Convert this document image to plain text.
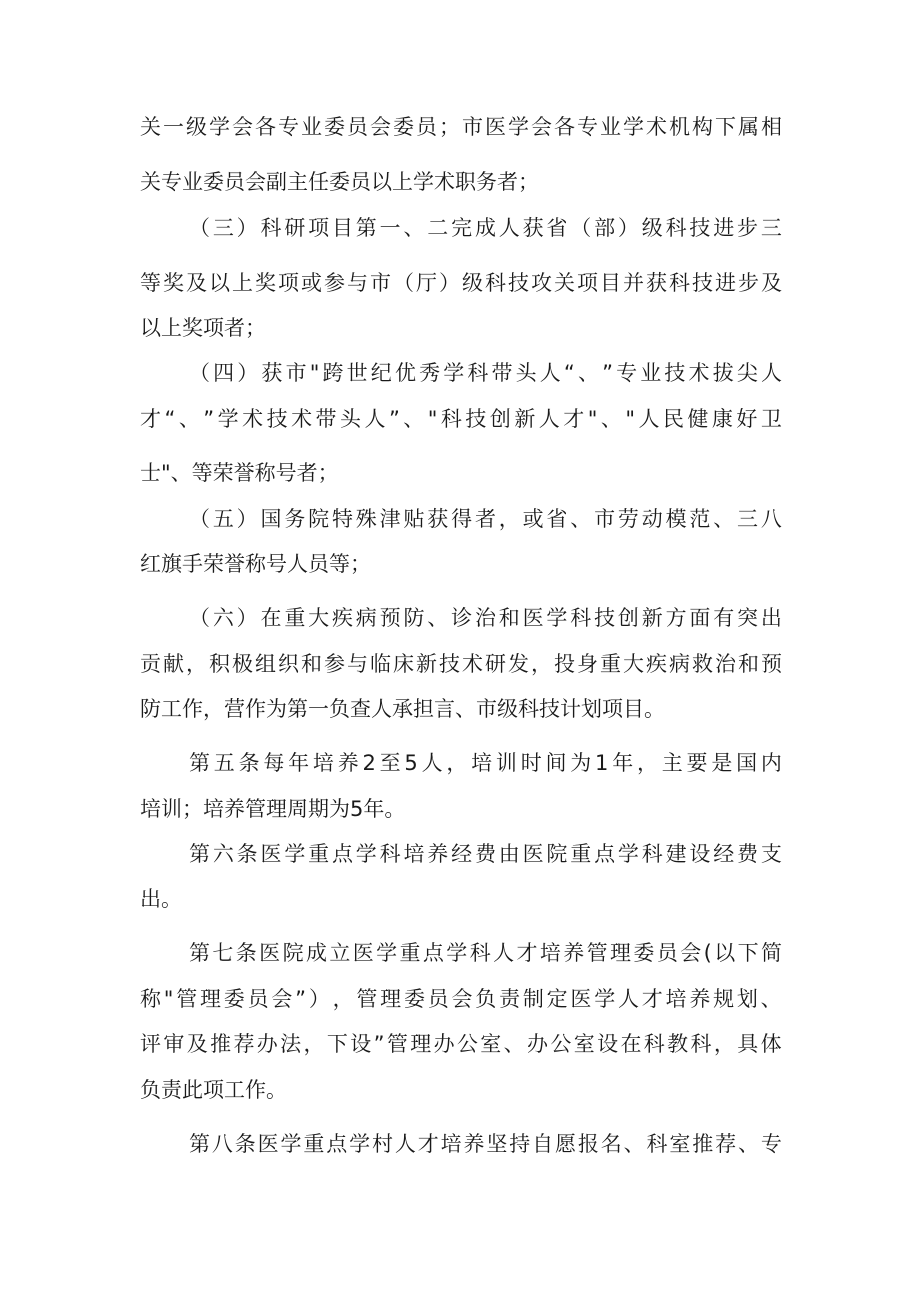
关 一 级 学 会 各 专 业 委 员 会 委 员 ； 市 医 学 会 各 专 业 学 术 机 构 下 属 相

关专业委员会副主任委员以上学术职务者；

（ 三 ） 科 研 项 目 第 一 、 二 完 成 人 获 省 （ 部 ） 级 科 技 进 步 三

等 奖 及 以 上 奖 项 或 参 与 市 （ 厅 ） 级 科 技 攻 关 项 目 并 获 科 技 进 步 及

以上奖项者；

（ 四 ） 获 市 " 跨 世 纪 优 秀 学 科 带 头 人 “ 、 ” 专 业 技 术 拔 尖 人

才 “ 、 ” 学 术 技 术 带 头 人 ” 、 " 科 技 创 新 人 才 " 、 " 人 民 健 康 好 卫

士"、等荣誉称号者；

（ 五 ） 国 务 院 特 殊 津 贴 获 得 者 ， 或 省 、 市 劳 动 模 范 、 三 八

红旗手荣誉称号人员等；

（ 六 ） 在 重 大 疾 病 预 防 、 诊 治 和 医 学 科 技 创 新 方 面 有 突 出

贡 献 ， 积 极 组 织 和 参 与 临 床 新 技 术 研 发 ， 投 身 重 大 疾 病 救 治 和 预

防工作，营作为第一负查人承担言、市级科技计划项目。

第 五 条 每 年 培 养 2 至 5 人 ， 培 训 时 间 为 1 年 ， 主 要 是 国 内

培训；培养管理周期为5年。

第 六 条 医 学 重 点 学 科 培 养 经 费 由 医 院 重 点 学 科 建 设 经 费 支

出。

第 七 条 医 院 成 立 医 学 重 点 学 科 人 才 培 养 管 理 委 员 会 ( 以 下 简

称 " 管 理 委 员 会 ” ） ， 管 理 委 员 会 负 责 制 定 医 学 人 才 培 养 规 划 、

评 审 及 推 荐 办 法 ， 下 设 ” 管 理 办 公 室 、 办 公 室 设 在 科 教 科 ， 具 体

负责此项工作。

第 八 条 医 学 重 点 学 村 人 才 培 养 坚 持 自 愿 报 名 、 科 室 推 荐 、 专
